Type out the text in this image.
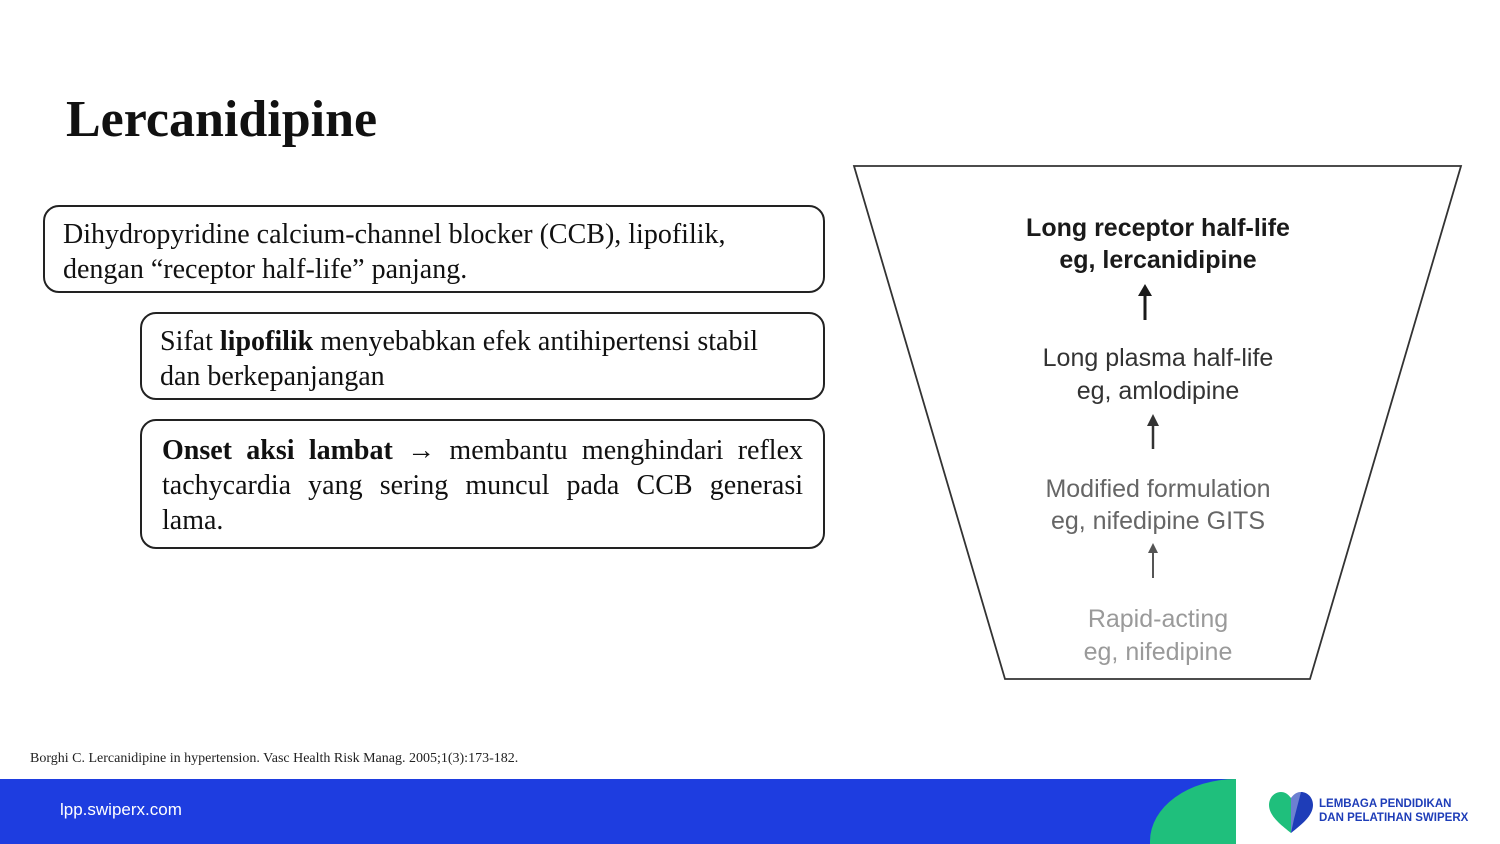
Lercanidipine

Dihydropyridine calcium-channel blocker (CCB), lipofilik, dengan “receptor half-life” panjang.

Sifat lipofilik menyebabkan efek antihipertensi stabil dan berkepanjangan

Onset aksi lambat → membantu menghindari reflex tachycardia yang sering muncul pada CCB generasi lama.

Long receptor half-life
eg, lercanidipine
Long plasma half-life
eg, amlodipine
Modified formulation
eg, nifedipine GITS
Rapid-acting
eg, nifedipine
Borghi C. Lercanidipine in hypertension. Vasc Health Risk Manag. 2005;1(3):173-182.
lpp.swiperx.com	LEMBAGA PENDIDIKAN
DAN PELATIHAN SWIPERX
